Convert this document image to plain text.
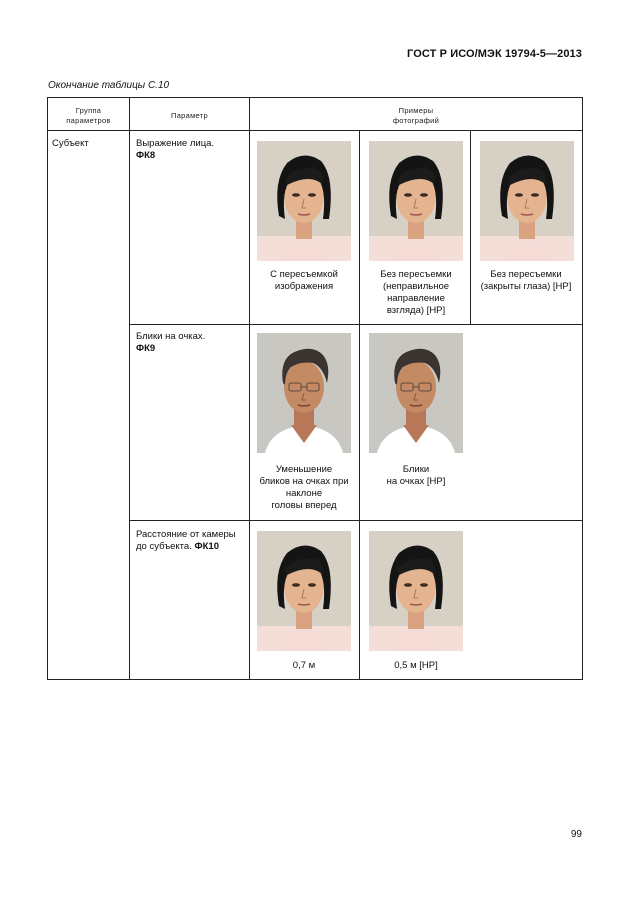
ГОСТ Р ИСО/МЭК 19794-5—2013
Окончание таблицы С.10
Группа
параметров
Параметр
Примеры
фотографий
Субъект	Выражение лица.
ФК8
Блики на очках.
ФК9
Расстояние от камеры до субъекта. ФК10
С пересъемкой
изображения
Без пересъемки
(неправильное
направление
взгляда) [НР]
Без пересъемки
(закрыты глаза) [НР]
Уменьшение
бликов на очках при
наклоне
головы вперед
Блики
на очках [НР]
0,7 м	0,5 м [НР]
99
